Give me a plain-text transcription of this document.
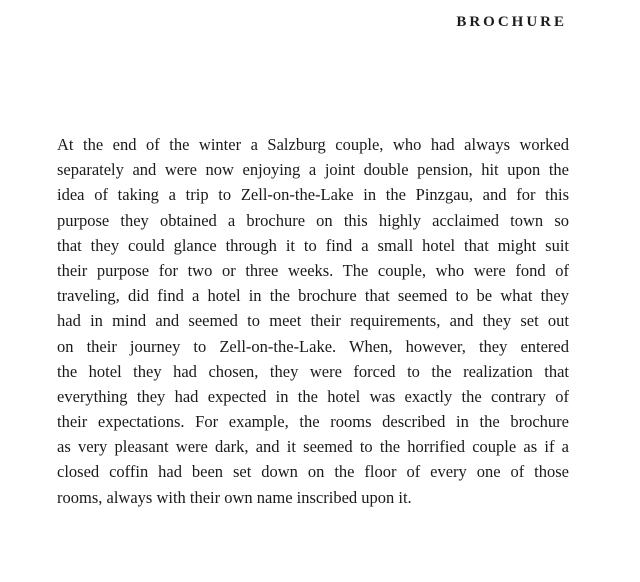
BROCHURE
At the end of the winter a Salzburg couple, who had always worked
separately and were now enjoying a joint double pension, hit upon the
idea of taking a trip to Zell-on-the-Lake in the Pinzgau, and for this
purpose they obtained a brochure on this highly acclaimed town so
that they could glance through it to find a small hotel that might suit
their purpose for two or three weeks. The couple, who were fond of
traveling, did find a hotel in the brochure that seemed to be what they
had in mind and seemed to meet their requirements, and they set out
on their journey to Zell-on-the-Lake. When, however, they entered
the hotel they had chosen, they were forced to the realization that
everything they had expected in the hotel was exactly the contrary of
their expectations. For example, the rooms described in the brochure
as very pleasant were dark, and it seemed to the horrified couple as if a
closed coffin had been set down on the floor of every one of those
rooms, always with their own name inscribed upon it.
